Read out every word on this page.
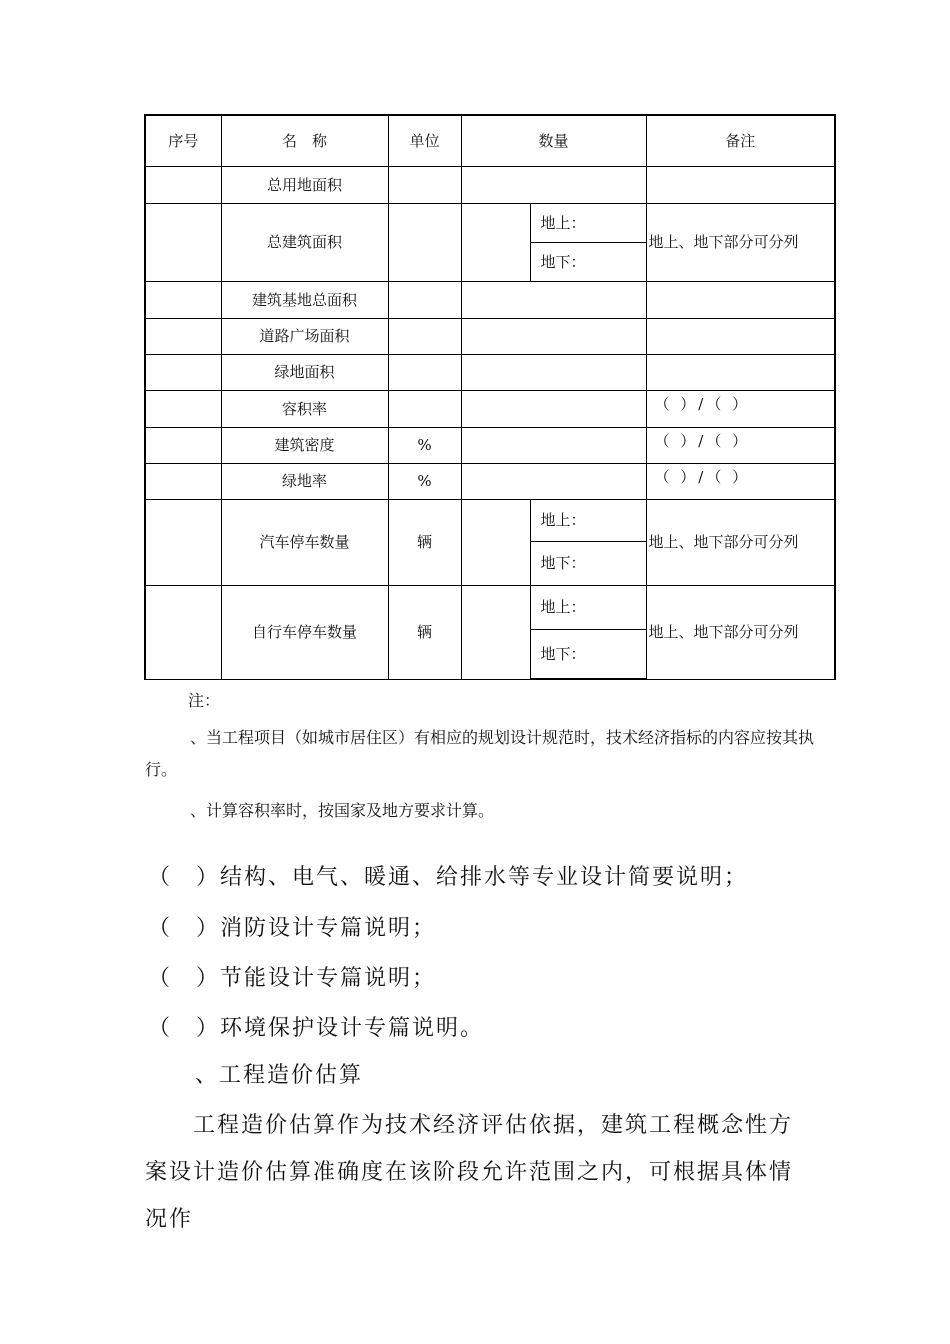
序号	名　称	单位	数量		备注
	总用地面积				
	总建筑面积			地上：	地上、地下部分可分列
				地下：	
	建筑基地总面积				
	道路广场面积				
	绿地面积				
	容积率				（ ）/（ ）
	建筑密度	%			（ ）/（ ）
	绿地率	%			（ ）/（ ）
	汽车停车数量	辆		地上：	地上、地下部分可分列
				地下：	
	自行车停车数量	辆		地上：	地上、地下部分可分列
				地下：	
注：
、当工程项目（如城市居住区）有相应的规划设计规范时，技术经济指标的内容应按其执行。
、计算容积率时，按国家及地方要求计算。
（　）结构、电气、暖通、给排水等专业设计简要说明；
（　）消防设计专篇说明；
（　）节能设计专篇说明；
（　）环境保护设计专篇说明。
、工程造价估算
工程造价估算作为技术经济评估依据，建筑工程概念性方案设计造价估算准确度在该阶段允许范围之内，可根据具体情况作
